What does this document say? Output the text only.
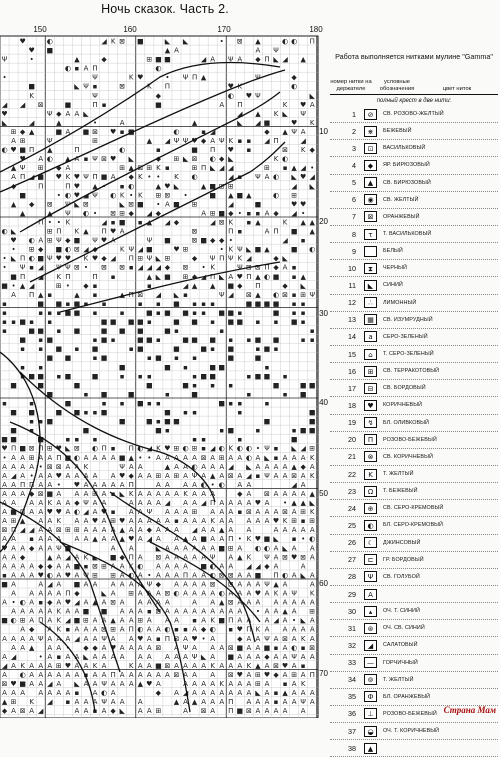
Ночь сказок. Часть 2.
♥	◐	◢ K ⊠ ■	◣ ◣	• ⊠ ▲	◐ ◐ Π
♥ ■	▲ A	A Ψ
Ψ	•	▲	◆	⊞ ■ ■	◢ A Ψ A ◆ Π ◣ ◢ ▲
◐ ▪ A Π	◐
•	Ψ	K ♥	• Ψ Π ▲	Ψ	◆
■	◣ Ψ ▪	⊠	K Π	♥ K	◐
K	Ψ	◆	◐ ♥ Ψ	◣
◢ ◢ ⊠	■	Π ▪	■	A Π	K ♥ A
♥	Ψ ◆ A A ◣	◢ ▲ K ◣ Ψ
◣	◢	▲	•	A	▲	◣ ◢ ■	♥ K
⊞ ◆ ▲	■ A ■ ⊠ ♥ ▪ ■	◐	▪ ◢	◆ ▲ Ψ A
A ⊞	Ψ	⊞	▲ ◢ Ψ Ψ ♥ ◆ A Ψ K ▪ ▪ ◢ Π	◢
◐ ♥ ■ Π ▲	Π	◐	▪	■ Π ♥ ▪	⊠ K ◆
♥ A ◐ ▲ A ▪ Ψ ⊠ ♥ ◣	◆ ⊞ ◣ ⊠ ◐ ◆ ◣	K ◐
▲ Ψ ⊞ ◆ A	⊞ ▲ ⊠ ⊞ K ▪	⊞ Π ◣ ◢ ◢	⊞ ▪ ▲ ◢ •
A Π ◢ ■ ♥ K ♥ Ψ Π ■ A ◆ K • • K ◐	◢ ▪ Ψ A ◐ ◣ ♥ ◢
◆	Π	Π ♥ ▲ • ▪ ◐	▲ ♥ ◣	▲ ■ ⊞ ⊞	◢ ◣
■	• ◐ ♥ ◢ Ψ ◐ K • K ⊞ ⊠ •	■ ▲ ■ ▲	◐ ⊞
▲ ◆ ⊠ Ψ ◣ ⊠	◣ ⊠ ■ • A ■ ⊞	◢	■	♥ ♥
▲	▲ Ψ ◐ • ⊠ ⊞ ◆ ◢ ◆	A ⊞ ■ ◆ • ▪ ▪ A ◆ ◢ •
Π • • K	◢ ▪ ■ ▪ ▲ ◢ ◆	◢ ⊠ K ▪ ▲	K ▲ ▲
◐ ◣	⊞ Π K ▲ Π ♥ A	⊠	Π ▪	A Π ■ ▲
♥ ◐ A ⊞ Ψ ◆ ■ Ψ ♥ A	Ψ ■	⊠ ■ ◆ ◆ •	◢ ▪
• ⊞ ◆ ■ ◐ ⊠ ◢ ◆	K Ψ ◢ ■	♥ ⊞	• K Ψ ◣ ■ ▲	■ ◐
• ◣ Π ◐ ■ Ψ ♥ ♥ K ♥ ◆ ◢ Π ⊞ Ψ ◣ ⊞	◆ Ψ Π Ψ K ◢	◆ ◣
• Ψ ▪ ◢ Ψ Ψ ⊠ • ⊠ ⊠ ▪ ◢ ◢ ◢ ◆ ⊠ • K	Ψ ⊠ ⊠ Π ◆ A ▪
■ Π ◢ K Π	Π ▪	▲ ◣ ■ ⊞ ◆ ◢ Π ◣ A ♥ Π ▲ ◐ ■ ▪ ▲
■ • ▲ ◢	⊞ • ◆ ▪	▪	◢ ▲ ▲ ■ ◆ Π	◆ ◣
A Π ▲ ▪	▲ ▪	▲ Π ⊠ ◢ ◣ ▪	Ψ ◢ ⊠ ▲ ◐ ⊠ ▪ ⊞ Ψ
▪	■ ■ ▪ ■ ▪ ▪	▪ ▪ ■ ▪ ▪ ▪	■ ■ ■ ■ ▪ ▪
▪	▪ ▪ ▪ ■ ■ ▪	▪	■ ▪ ■ ■ ▪ ▪ ■ ■ ▪	■ ▪ ▪
▪ ▪ ■ ▪ ▪	■ ■ ■ ■ ▪	■ ■ ▪ ■ ■ ▪ ▪ ■ ▪
▪	■ ■ ▪ ■	■ ■ ■	■ ▪	▪	▪
■ ▪ ■	▪ ■ ▪	■ ■ ▪	■ ■ ■ ▪ ▪ ■ ■	▪ ▪
▪ ▪ ■ ▪ ■	▪ ■	■	■ ▪ ■	▪ ■ ▪
■ ■	▪ ■	▪ ■ ▪ ▪	■	■
▪ ▪	■	■ ▪	■ ■	▪
▪ ■ ■ ▪ ■	■	▪ ▪ ▪	▪ ■ ■	▪ ■ ■ ▪
■	■	■	■	■ ▪ ▪ ▪	■	■ ■
■	▪ ■	■	▪	■	▪	▪ ■
▪	▪	■	▪ ▪ ■ ▪ ▪	■ ▪ ▪	▪
■ ■	■ ■ ▪ ▪ ■	■ ▪ ▪	▪	■
▪ ▪ ■	■	■ ▪ ■ ■	■	■
■ ▪	■	■ ▪	▪ ■	▪	▪ ■ ■
■ ■	■	▪ ▪ ▪	▪ ▪	▪	■
♥ Π ■ ⊠ Π ⊞ ♥ ◣ ⊠ ◐ Π ▪ Π ◐ ◢ K ♥ ⊞ ◐ ⊞ ▪ ◢ ◐ K ◐ ◐ • Ψ ▪ ◣ ◢ ⊞
• A A ⊞ A A Π ■ ◐ A A A A ■ ▲ • • A A A A A ⊠ A ⊞ A A ◐ A ◣ ▪ A A A K
A A A A • ⊠ ⊠ A A K	Ψ A A	▲ A A ◐ A A A ◢ ◣ A A A A ▲ ◆ A
A ◢ A • A A ♥ A A A A A ♥ ◆ A A ⊞ A ⊞ A Ψ A ▲ A ⊠ A ◢ ▪ Ψ A A ⊠ A K
A A Π Π A A • ♥ A A A A A Π	A A A A ◐ • ◐ A A	◢ A
A A A ◆ ⊠ ■ A A A ⊞ A ▪ ◣ K A A A A A K A A A	◆ A ⊠ A A A A ▲
A A A A K A A ◆ Ψ A A	A A A A ◢ A A ◢ Π A A A A ♥ A • ▲ ▲ ◣
A ■ ⊠ A A ♥ ♥ A ◐ ◢ A ♥ ▪ A A Ψ A A A ⊞ A A A ▪ ⊠ A A A ⊠ A ⊞ K
A ⊞ ▲ A A K A A ♥ A ⊞ ♥ A A A A A ▪ A A A K A A A A A ♥ K ⊞ ▪ ⊞
⊠ Π ◢ ◢ A A ⊠ ⊞ ⊞ A A A A ▲ A A ◆ A A A ◢ A A ▲ A A	A A A A A
A A ▪ A A A A A ▲ A A ▲ ♥ A ◢ A A ▲ A ■ A A Π • K ♥ ■ ◣ ▪ • ◐
♥ A A ◆ A A Ψ ■	A A	◣ A A A A A A ■ ⊞ A ◐ ◐ A ◣ A A
A A ◆	▲ A ◢ A K ◣ ■ ◆ Π A ⊠ A A A A A Ψ A ▲ K Ψ A ⊠ ♥ ⊠ A
A A A A ◆ ◆ A A ■ ▪ ⊠ ⊞ A A K ◐ A A A A ■ ◐ A A ◢ ◢ ◆ A	A
▪ A A A ♥ ◐ A ♥ A Ψ ⊞ ⊞ A ◐ A • A A A Π A A ◐ ⊠ ⊠ A A ■ Π ◐ A ◣ A
■ A	A ◢ A ■ A A A A A A Ψ ◆ A A A A ⊠ ⊠ A A A Ψ ▲ A	A
A A A A A Π ◆	◣ A ⊞ A A A ⊠ ◐ A A A A ◐ A A A ♥ A K A Ψ K
A • ◐ A ▪ ◆ A ♥ ◢ A ▲ A ⊠ A A A A A	A A ▲ ⊠ A A A A A A A A
A A A A A K A A ■ ■ A A A ▪ ⊠ A A A A A A A A A • A A ▲ A ⊞
■ ◐ ⊞ A Π A K ◢ ■ ⊞ A A ▲ A A ⊞ A A A ▪ A K ■ Π A A A ◢ A • ◣ A
A ◆ A K ▪ A A A ⊠ ⊞ A Π ◐ A A ◐ ▪ ▪ A ◆ ◐ ▪ ♥ Π K A A A A A
A A A A Ψ A A A ◢ A A Ψ A A ♥ A ▪ Π ⊠ A ♥ • A	◆ A A Ψ A ⊠ A K A
A A ▲ A A • ◆ ◆ A ♥ A A A A ⊠ A Ψ A A A ⊠ ■ A A ■ ▪ A ◐ ▪ ⊠
A ◢	• A ▪ A A ◣ A A A A A A A A A Ψ ◣ A ■ A A A ◆ A A Ψ A A
◢ A K A A A ⊞ ♥ A A K A	K A A ■ ⊠ A A A A K A A A K ▲ A ⊠ ♥ A ▪
A ◐ A A A A A A ▪ A A Π A A A A A A ⊠ A A A ⊠ ♥ A ⊞ ♥ ◆ A ⊞ A Π
⊠ ♥ ■ A A ◢ A ◣ A A Ψ A A A ▲ ♥ A	A A A A K A A A ⊞ A ▪ A K
A A A A A A A ▪ A ◐ A	◆ A ◢ A A A A A A A ◣ A ▪ ▲ A A A
▲ ⊞ K ◢ ▪ A A A Ψ A A A	▲ A ▲ A A A Π A A A ▪ A A Ψ A
◆ A ⊠ A ◢	A A ▪ A ◆ ◣ A A ⊞	A ⊠ A Π ■ ⊠ A A A A A
150	160	170	180
10
20
30
40
50
60
70
Работа выполняется нитками мулине "Gamma"
номер нитки на держателе
условные обозначения	цвет ниток
полный крест в две нити:
1	⊘	СВ. РОЗОВО-ЖЕЛТЫЙ
2	⋇	БЕЖЕВЫЙ
3	⊡	ВАСИЛЬКОВЫЙ
4	◆	ЯР. БИРЮЗОВЫЙ
5	▲	СВ. БИРЮЗОВЫЙ
6	◉	СВ. ЖЕЛТЫЙ
7	⊠	ОРАНЖЕВЫЙ
8	τ	Т. ВАСИЛЬКОВЫЙ
9	БЕЛЫЙ
10	⧗	ЧЕРНЫЙ
11	◣	СИНИЙ
12	∴	ЛИМОННЫЙ
13	▦	СВ. ИЗУМРУДНЫЙ
14	a	СЕРО-ЗЕЛЕНЫЙ
15	⌂	Т. СЕРО-ЗЕЛЕНЫЙ
16	⊞	СВ. ТЕРРАКОТОВЫЙ
17	⊟	СВ. БОРДОВЫЙ
18	♥	КОРИЧНЕВЫЙ
19	↯	БЛ. ОЛИВКОВЫЙ
20	Π	РОЗОВО-БЕЖЕВЫЙ
21	⊗	СВ. КОРИЧНЕВЫЙ
22	K	Т. ЖЕЛТЫЙ
23	Ω	Т. БЕЖЕВЫЙ
24	⊕	СВ. СЕРО-КРЕМОВЫЙ
25	◐	БЛ. СЕРО-КРЕМОВЫЙ
26	☾	ДЖИНСОВЫЙ
27	⊏	ГР. БОРДОВЫЙ
28	Ψ	СВ. ГОЛУБОЙ
29	A
30	▴	ОЧ. Т. СИНИЙ
31	⊛	ОЧ. СВ. СИНИЙ
32	◢	САЛАТОВЫЙ
33	—	ГОРЧИЧНЫЙ
34	⊚	Т. ЖЕЛТЫЙ
35	Ф	БЛ. ОРАНЖЕВЫЙ
36	⊥	РОЗОВО-БЕЖЕВЫЙ
37	◒	ОЧ. Т. КОРИЧНЕВЫЙ
38	▲
Страна Мам
